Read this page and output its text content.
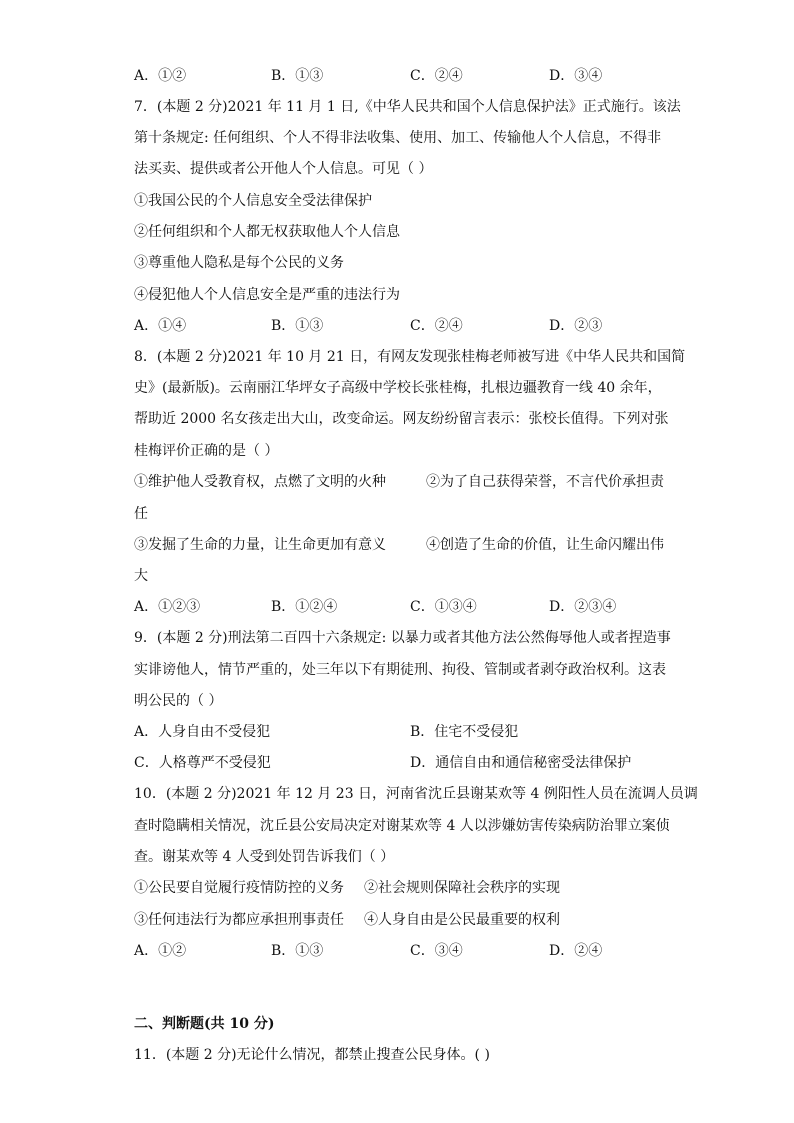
A．①②	B．①③	C．②④	D．③④
7．(本题 2 分)2021 年 11 月 1 日,《中华人民共和国个人信息保护法》正式施行。该法
第十条规定: 任何组织、个人不得非法收集、使用、加工、传输他人个人信息，不得非
法买卖、提供或者公开他人个人信息。可见（ ）
①我国公民的个人信息安全受法律保护
②任何组织和个人都无权获取他人个人信息
③尊重他人隐私是每个公民的义务
④侵犯他人个人信息安全是严重的违法行为
A．①④	B．①③	C．②④	D．②③
8．(本题 2 分)2021 年 10 月 21 日，有网友发现张桂梅老师被写进《中华人民共和国简
史》(最新版)。云南丽江华坪女子高级中学校长张桂梅，扎根边疆教育一线 40 余年，
帮助近 2000 名女孩走出大山，改变命运。网友纷纷留言表示：张校长值得。下列对张
桂梅评价正确的是（ ）
①维护他人受教育权，点燃了文明的火种	②为了自己获得荣誉，不言代价承担责
任
③发掘了生命的力量，让生命更加有意义	④创造了生命的价值，让生命闪耀出伟
大
A．①②③	B．①②④	C．①③④	D．②③④
9．(本题 2 分)刑法第二百四十六条规定: 以暴力或者其他方法公然侮辱他人或者捏造事
实诽谤他人，情节严重的，处三年以下有期徒刑、拘役、管制或者剥夺政治权利。这表
明公民的（ ）
A．人身自由不受侵犯	B．住宅不受侵犯
C．人格尊严不受侵犯	D．通信自由和通信秘密受法律保护
10．(本题 2 分)2021 年 12 月 23 日，河南省沈丘县谢某欢等 4 例阳性人员在流调人员调
查时隐瞒相关情况，沈丘县公安局决定对谢某欢等 4 人以涉嫌妨害传染病防治罪立案侦
查。谢某欢等 4 人受到处罚告诉我们（ ）
①公民要自觉履行疫情防控的义务 ②社会规则保障社会秩序的实现
③任何违法行为都应承担刑事责任 ④人身自由是公民最重要的权利
A．①②	B．①③	C．③④	D．②④
二、判断题(共 10 分)
11．(本题 2 分)无论什么情况，都禁止搜查公民身体。( )
